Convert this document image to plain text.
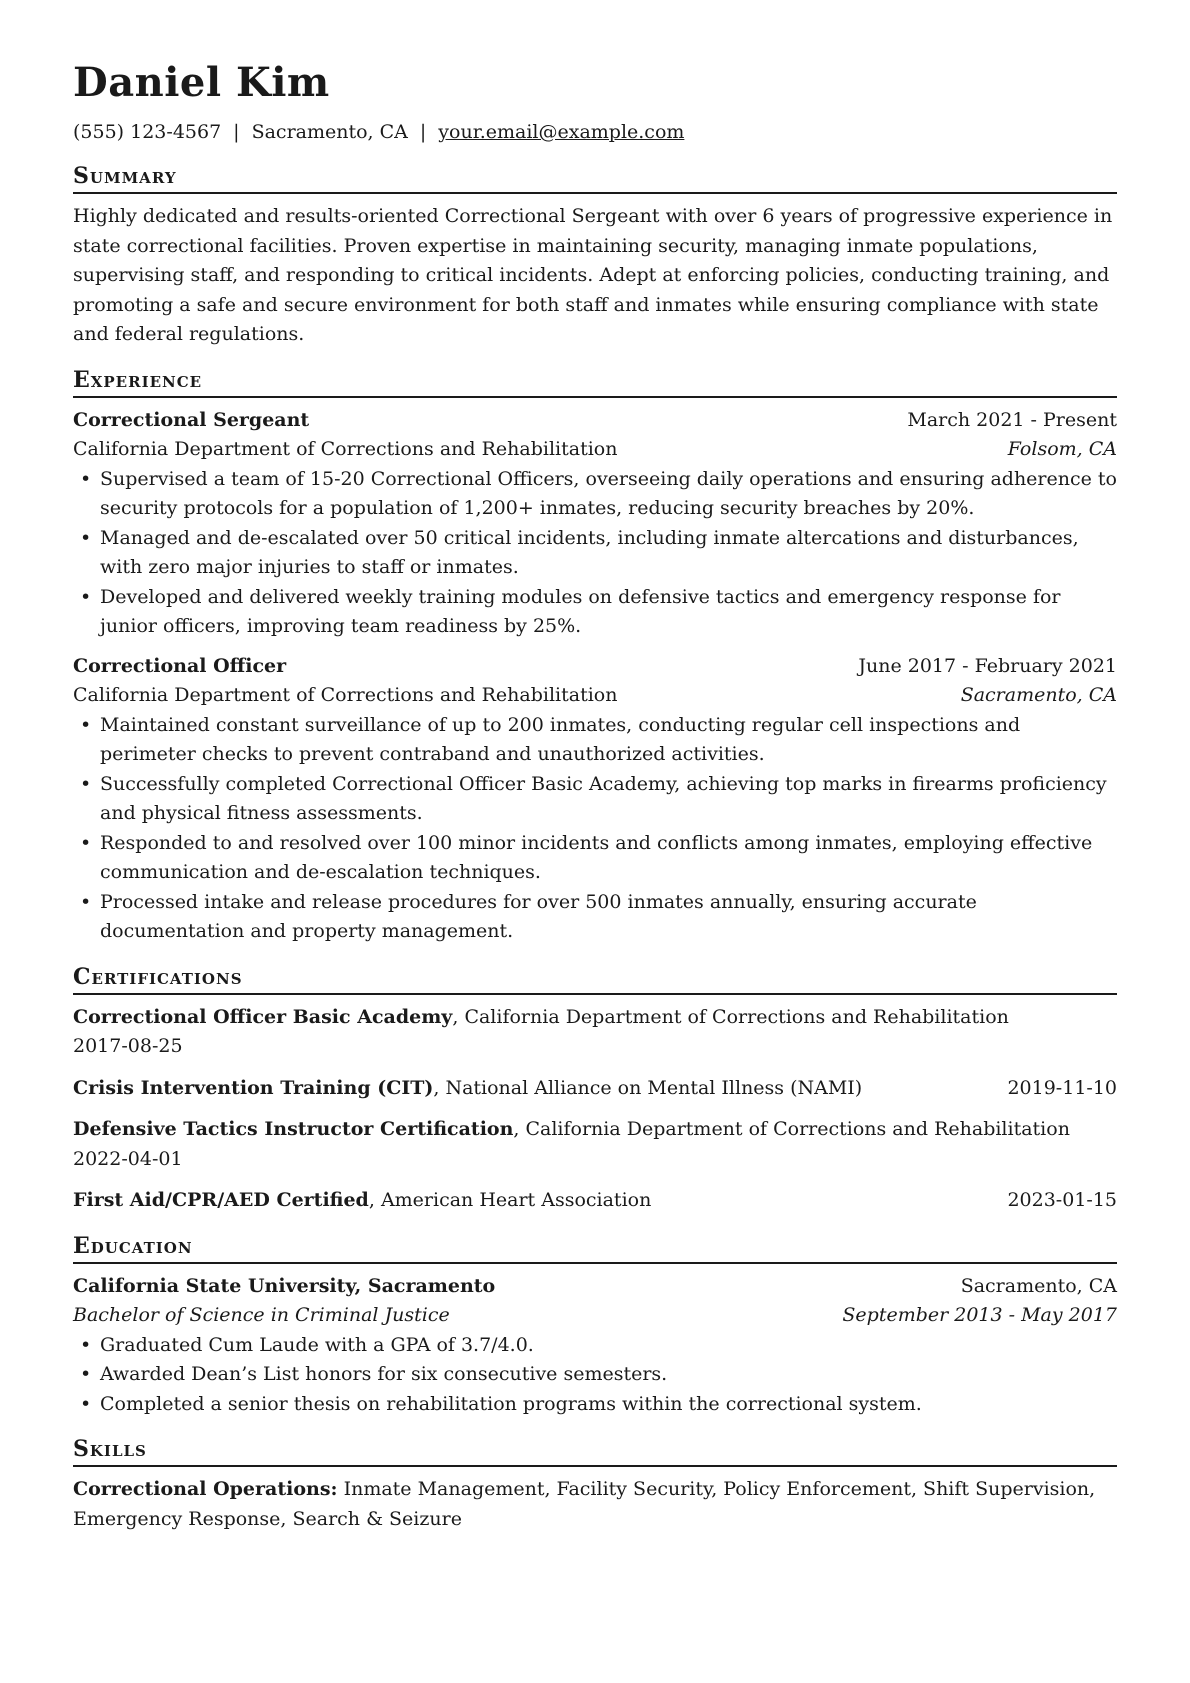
Daniel Kim
(555) 123-4567 | Sacramento, CA | your.email@example.com
Summary

Highly dedicated and results-oriented Correctional Sergeant with over 6 years of progressive experience in state correctional facilities. Proven expertise in maintaining security, managing inmate populations, supervising staff, and responding to critical incidents. Adept at enforcing policies, conducting training, and promoting a safe and secure environment for both staff and inmates while ensuring compliance with state and federal regulations.

Experience
Correctional Sergeant	March 2021 - Present
California Department of Corrections and Rehabilitation	Folsom, CA
• Supervised a team of 15-20 Correctional Officers, overseeing daily operations and ensuring adherence to security protocols for a population of 1,200+ inmates, reducing security breaches by 20%.
• Managed and de-escalated over 50 critical incidents, including inmate altercations and disturbances, with zero major injuries to staff or inmates.
• Developed and delivered weekly training modules on defensive tactics and emergency response for junior officers, improving team readiness by 25%.
Correctional Officer	June 2017 - February 2021
California Department of Corrections and Rehabilitation	Sacramento, CA
• Maintained constant surveillance of up to 200 inmates, conducting regular cell inspections and perimeter checks to prevent contraband and unauthorized activities.
• Successfully completed Correctional Officer Basic Academy, achieving top marks in firearms proficiency and physical fitness assessments.
• Responded to and resolved over 100 minor incidents and conflicts among inmates, employing effective communication and de-escalation techniques.
• Processed intake and release procedures for over 500 inmates annually, ensuring accurate documentation and property management.
Certifications
Correctional Officer Basic Academy, California Department of Corrections and Rehabilitation
2017-08-25
Crisis Intervention Training (CIT), National Alliance on Mental Illness (NAMI)	2019-11-10
Defensive Tactics Instructor Certification, California Department of Corrections and Rehabilitation
2022-04-01
First Aid/CPR/AED Certified, American Heart Association	2023-01-15
Education
California State University, Sacramento	Sacramento, CA
Bachelor of Science in Criminal Justice	September 2013 - May 2017
• Graduated Cum Laude with a GPA of 3.7/4.0.
• Awarded Dean’s List honors for six consecutive semesters.
• Completed a senior thesis on rehabilitation programs within the correctional system.
Skills

Correctional Operations: Inmate Management, Facility Security, Policy Enforcement, Shift Supervision, Emergency Response, Search & Seizure
